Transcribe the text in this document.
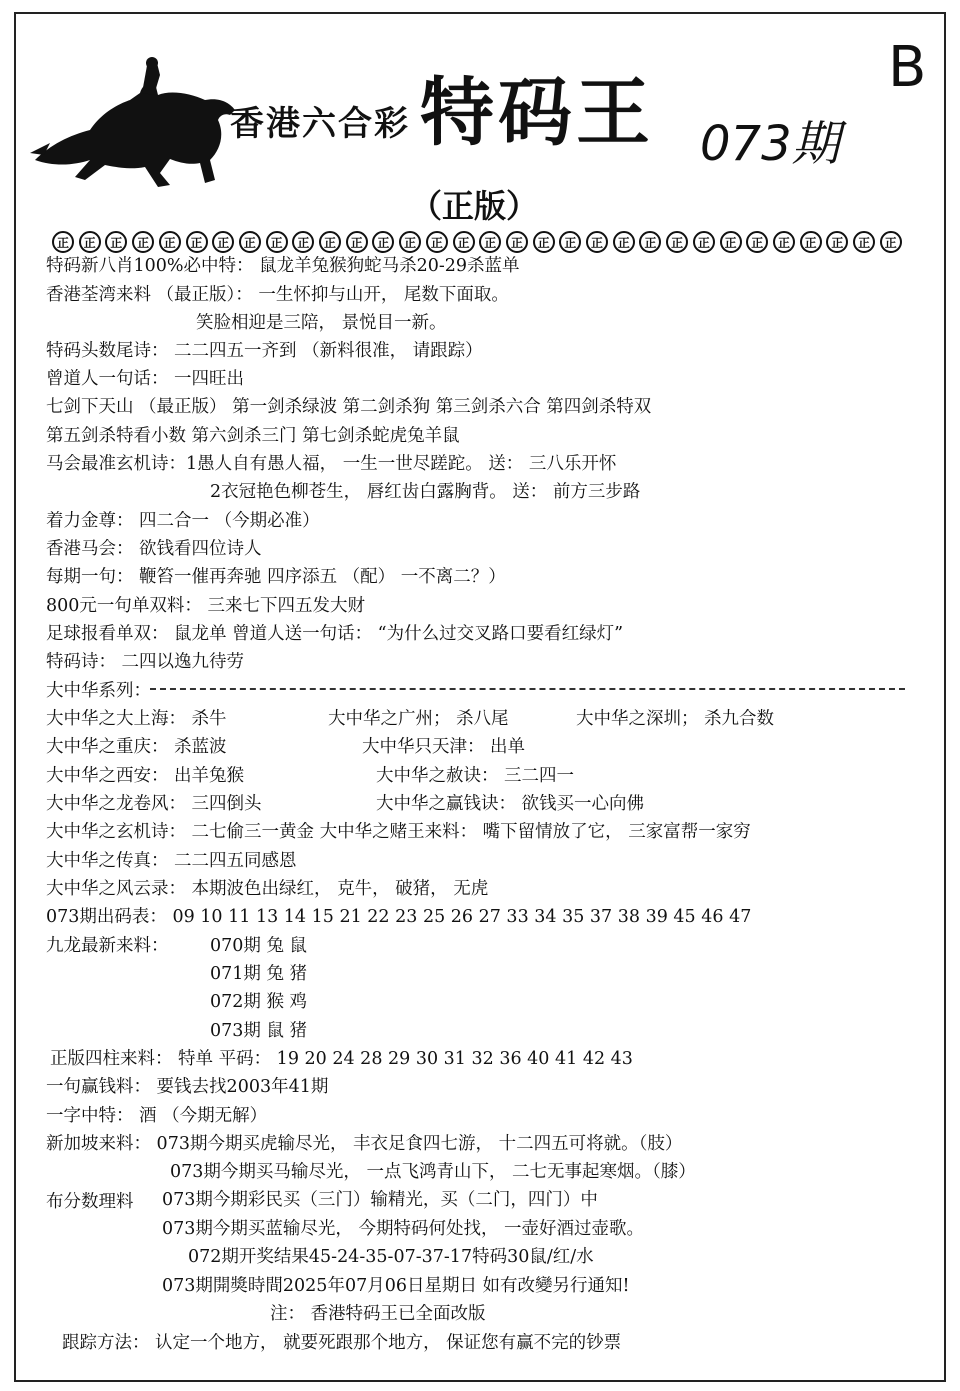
B
香港六合彩 特码王 073期
（正版）
正	正	正	正	正	正	正	正	正	正	正	正	正	正	正	正	正	正	正	正	正	正	正	正	正	正	正	正	正	正	正	正
特码新八肖100%必中特： 鼠龙羊兔猴狗蛇马杀20-29杀蓝单
香港荃湾来料 （最正版）： 一生怀抑与山开， 尾数下面取。
笑脸相迎是三陪， 景悦目一新。
特码头数尾诗： 二二四五一齐到 （新料很准， 请跟踪）
曾道人一句话： 一四旺出
七剑下天山 （最正版） 第一剑杀绿波 第二剑杀狗 第三剑杀六合 第四剑杀特双
第五剑杀特看小数 第六剑杀三门 第七剑杀蛇虎兔羊鼠
马会最准玄机诗：1愚人自有愚人福， 一生一世尽蹉跎。 送： 三八乐开怀
2衣冠艳色柳苍生， 唇红齿白露胸背。 送： 前方三步路
着力金尊： 四二合一 （今期必准）
香港马会： 欲钱看四位诗人
每期一句： 鞭笞一催再奔驰 四序添五 （配） 一不离二？）
800元一句单双料： 三来七下四五发大财
足球报看单双： 鼠龙单 曾道人送一句话： “为什么过交叉路口要看红绿灯”
特码诗： 二四以逸九待劳
大中华系列：
大中华之大上海： 杀牛	大中华之广州； 杀八尾	大中华之深圳； 杀九合数
大中华之重庆： 杀蓝波	大中华只天津： 出单
大中华之西安： 出羊兔猴	大中华之赦诀： 三二四一
大中华之龙卷风： 三四倒头	大中华之赢钱诀： 欲钱买一心向佛
大中华之玄机诗： 二七偷三一黄金 大中华之赌王来料： 嘴下留情放了它， 三家富帮一家穷
大中华之传真： 二二四五同感恩
大中华之风云录： 本期波色出绿红， 克牛， 破猪， 无虎
073期出码表： 09 10 11 13 14 15 21 22 23 25 26 27 33 34 35 37 38 39 45 46 47
九龙最新来料： 070期 兔 鼠
071期 兔 猪
072期 猴 鸡
073期 鼠 猪
正版四柱来料： 特单 平码： 19 20 24 28 29 30 31 32 36 40 41 42 43
一句赢钱料： 要钱去找2003年41期
一字中特： 酒 （今期无解）
新加坡来料： 073期今期买虎输尽光， 丰衣足食四七游， 十二四五可将就。（肢）
073期今期买马输尽光， 一点飞鸿青山下， 二七无事起寒烟。（膝）
布分数理料 073期今期彩民买（三门）输精光，买（二门，四门）中
073期今期买蓝输尽光， 今期特码何处找， 一壶好酒过壶歌。
072期开奖结果45-24-35-07-37-17特码30鼠/红/水
073期開獎時間2025年07月06日星期日 如有改變另行通知!
注： 香港特码王已全面改版
跟踪方法： 认定一个地方， 就要死跟那个地方， 保证您有赢不完的钞票
